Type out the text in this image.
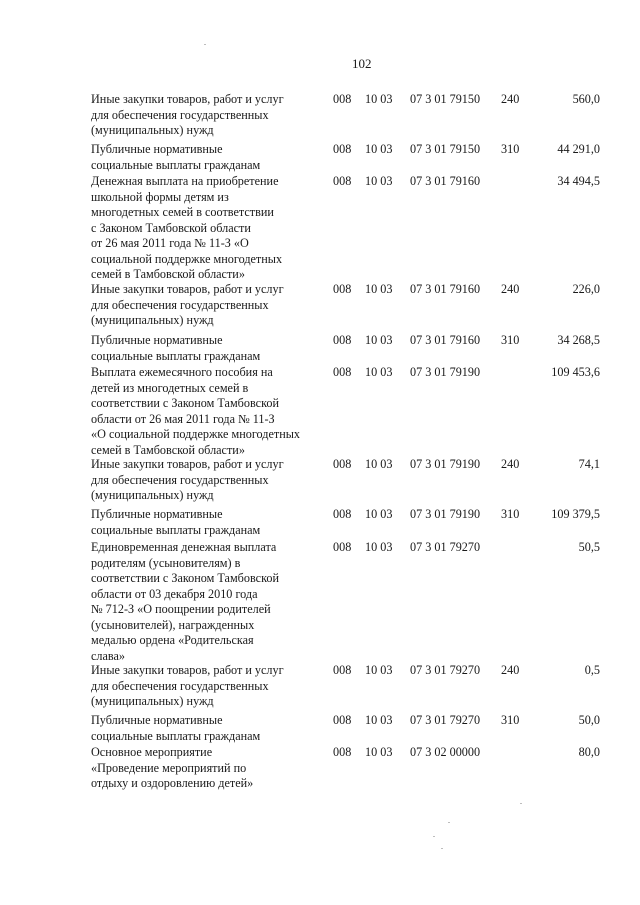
102
Иные закупки товаров, работ и услуг
для обеспечения государственных
(муниципальных) нужд
008 10 03 07 3 01 79150 240	560,0
Публичные нормативные
социальные выплаты гражданам
008 10 03 07 3 01 79150 310	44 291,0
Денежная выплата на приобретение
школьной формы детям из
многодетных семей в соответствии
с Законом Тамбовской области
от 26 мая 2011 года № 11-З «О
социальной поддержке многодетных
семей в Тамбовской области»
008 10 03 07 3 01 79160	34 494,5
Иные закупки товаров, работ и услуг
для обеспечения государственных
(муниципальных) нужд
008 10 03 07 3 01 79160 240	226,0
Публичные нормативные
социальные выплаты гражданам
008 10 03 07 3 01 79160 310	34 268,5
Выплата ежемесячного пособия на
детей из многодетных семей в
соответствии с Законом Тамбовской
области от 26 мая 2011 года № 11-З
«О социальной поддержке многодетных
семей в Тамбовской области»
008 10 03 07 3 01 79190	109 453,6
Иные закупки товаров, работ и услуг
для обеспечения государственных
(муниципальных) нужд
008 10 03 07 3 01 79190 240	74,1
Публичные нормативные
социальные выплаты гражданам
008 10 03 07 3 01 79190 310	109 379,5
Единовременная денежная выплата
родителям (усыновителям) в
соответствии с Законом Тамбовской
области от 03 декабря 2010 года
№ 712-З «О поощрении родителей
(усыновителей), награжденных
медалью ордена «Родительская
слава»
008 10 03 07 3 01 79270	50,5
Иные закупки товаров, работ и услуг
для обеспечения государственных
(муниципальных) нужд
008 10 03 07 3 01 79270 240	0,5
Публичные нормативные
социальные выплаты гражданам
008 10 03 07 3 01 79270 310	50,0
Основное мероприятие
«Проведение мероприятий по
отдыху и оздоровлению детей»
008 10 03 07 3 02 00000	80,0
